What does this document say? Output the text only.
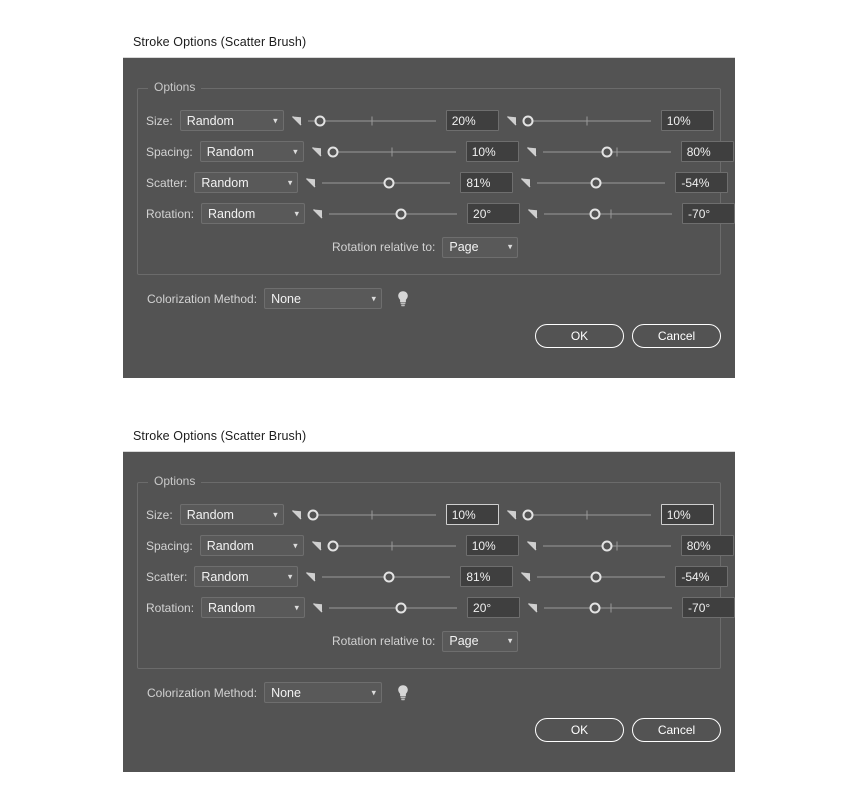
Stroke Options (Scatter Brush)
Options
Size:
Random	▾
20%
10%
Spacing:
Random	▾
10%
80%
Scatter:
Random	▾
81%
-54%
Rotation:
Random	▾
20°
-70°
Rotation relative to:
Page	▾
Colorization Method:
None	▾
OK	Cancel
Stroke Options (Scatter Brush)
Options
Size:
Random	▾
10%
10%
Spacing:
Random	▾
10%
80%
Scatter:
Random	▾
81%
-54%
Rotation:
Random	▾
20°
-70°
Rotation relative to:
Page	▾
Colorization Method:
None	▾
OK	Cancel
